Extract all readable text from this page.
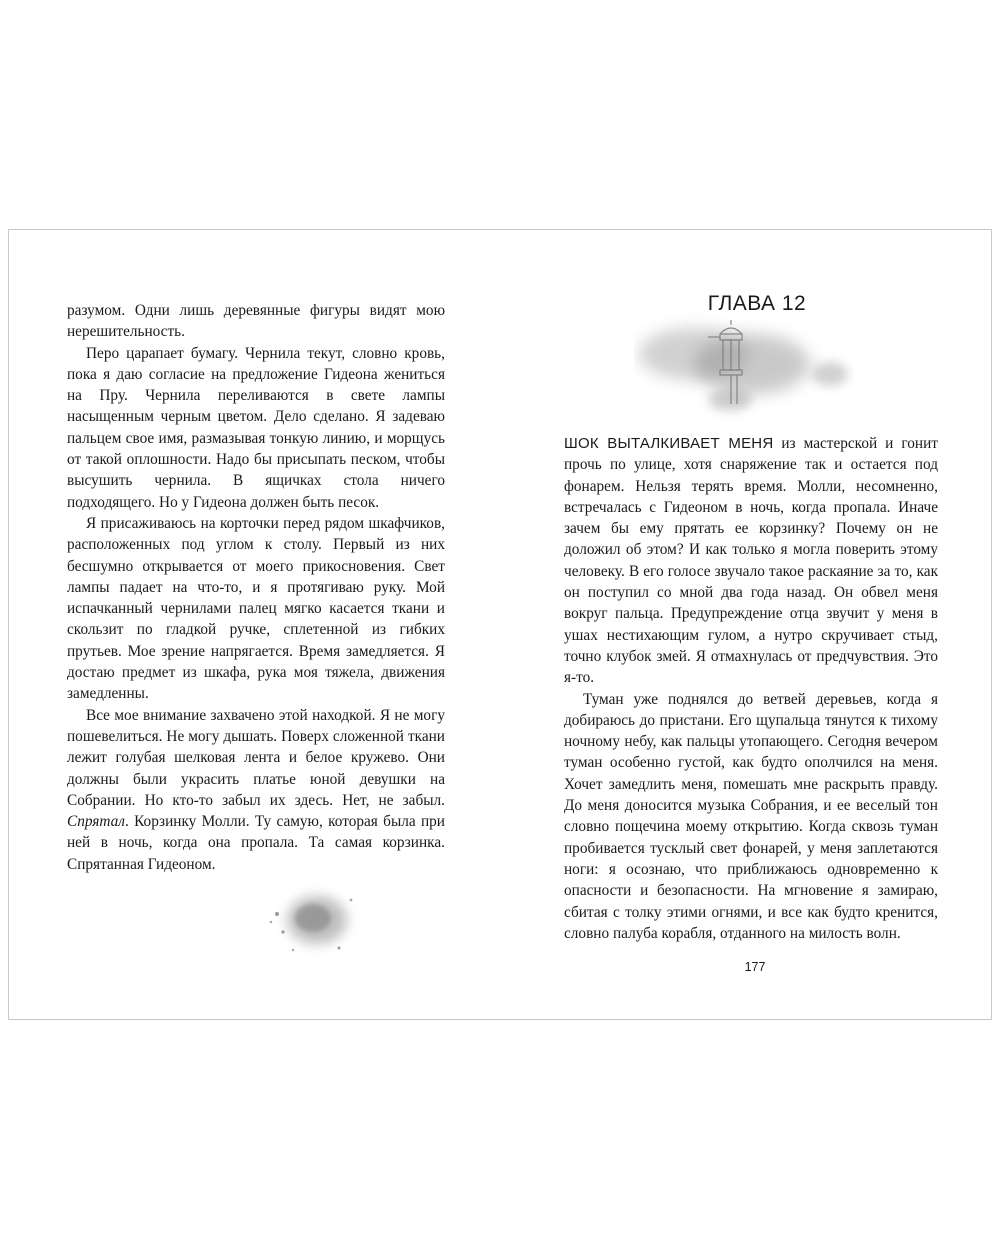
разумом. Одни лишь деревянные фигуры видят мою нерешительность.

Перо царапает бумагу. Чернила текут, словно кровь, пока я даю согласие на предложение Гидеона жениться на Пру. Чернила переливаются в свете лампы насыщенным черным цветом. Дело сделано. Я задеваю пальцем свое имя, размазывая тонкую линию, и морщусь от такой оплошности. Надо бы присыпать песком, чтобы высушить чернила. В ящичках стола ничего подходящего. Но у Гидеона должен быть песок.

Я присаживаюсь на корточки перед рядом шкафчиков, расположенных под углом к столу. Первый из них бесшумно открывается от моего прикосновения. Свет лампы падает на что-то, и я протягиваю руку. Мой испачканный чернилами палец мягко касается ткани и скользит по гладкой ручке, сплетенной из гибких прутьев. Мое зрение напрягается. Время замедляется. Я достаю предмет из шкафа, рука моя тяжела, движения замедленны.

Все мое внимание захвачено этой находкой. Я не могу пошевелиться. Не могу дышать. Поверх сложенной ткани лежит голубая шелковая лента и белое кружево. Они должны были украсить платье юной девушки на Собрании. Но кто-то забыл их здесь. Нет, не забыл. Спрятал. Корзинку Молли. Ту самую, которая была при ней в ночь, когда она пропала. Та самая корзинка. Спрятанная Гидеоном.

ГЛАВА 12

ШОК ВЫТАЛКИВАЕТ МЕНЯ из мастерской и гонит прочь по улице, хотя снаряжение так и остается под фонарем. Нельзя терять время. Молли, несомненно, встречалась с Гидеоном в ночь, когда пропала. Иначе зачем бы ему прятать ее корзинку? Почему он не доложил об этом? И как только я могла поверить этому человеку. В его голосе звучало такое раскаяние за то, как он поступил со мной два года назад. Он обвел меня вокруг пальца. Предупреждение отца звучит у меня в ушах нестихающим гулом, а нутро скручивает стыд, точно клубок змей. Я отмахнулась от предчувствия. Это я-то.

Туман уже поднялся до ветвей деревьев, когда я добираюсь до пристани. Его щупальца тянутся к тихому ночному небу, как пальцы утопающего. Сегодня вечером туман особенно густой, как будто ополчился на меня. Хочет замедлить меня, помешать мне раскрыть правду. До меня доносится музыка Собрания, и ее веселый тон словно пощечина моему открытию. Когда сквозь туман пробивается тусклый свет фонарей, у меня заплетаются ноги: я осознаю, что приближаюсь одновременно к опасности и безопасности. На мгновение я замираю, сбитая с толку этими огнями, и все как будто кренится, словно палуба корабля, отданного на милость волн.

177
